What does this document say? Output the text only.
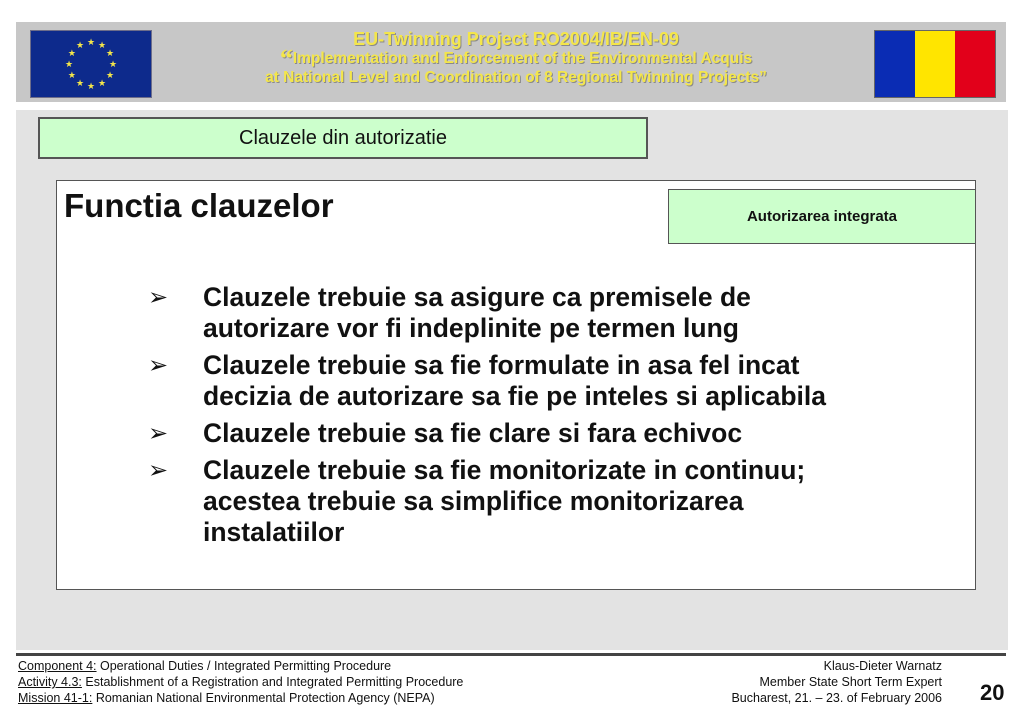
★ ★
★
★
★
★
★
★
★
★
★
★	EU-Twinning Project RO2004/IB/EN-09
“Implementation and Enforcement of the Environmental Acquis
at National Level and Coordination of 8 Regional Twinning Projects”
Clauzele din autorizatie
Functia clauzelor	Autorizarea integrata
➢ Clauzele trebuie sa asigure ca premisele de
autorizare vor fi indeplinite pe termen lung
➢ Clauzele trebuie sa fie formulate in asa fel incat
decizia de autorizare sa fie pe inteles si aplicabila
➢ Clauzele trebuie sa fie clare si fara echivoc
➢ Clauzele trebuie sa fie monitorizate in continuu;
acestea trebuie sa simplifice monitorizarea
instalatiilor
Component 4: Operational Duties / Integrated Permitting Procedure
Activity 4.3: Establishment of a Registration and Integrated Permitting Procedure
Mission 41-1: Romanian National Environmental Protection Agency (NEPA)
Klaus-Dieter Warnatz
Member State Short Term Expert
Bucharest, 21. – 23. of February 2006 20
